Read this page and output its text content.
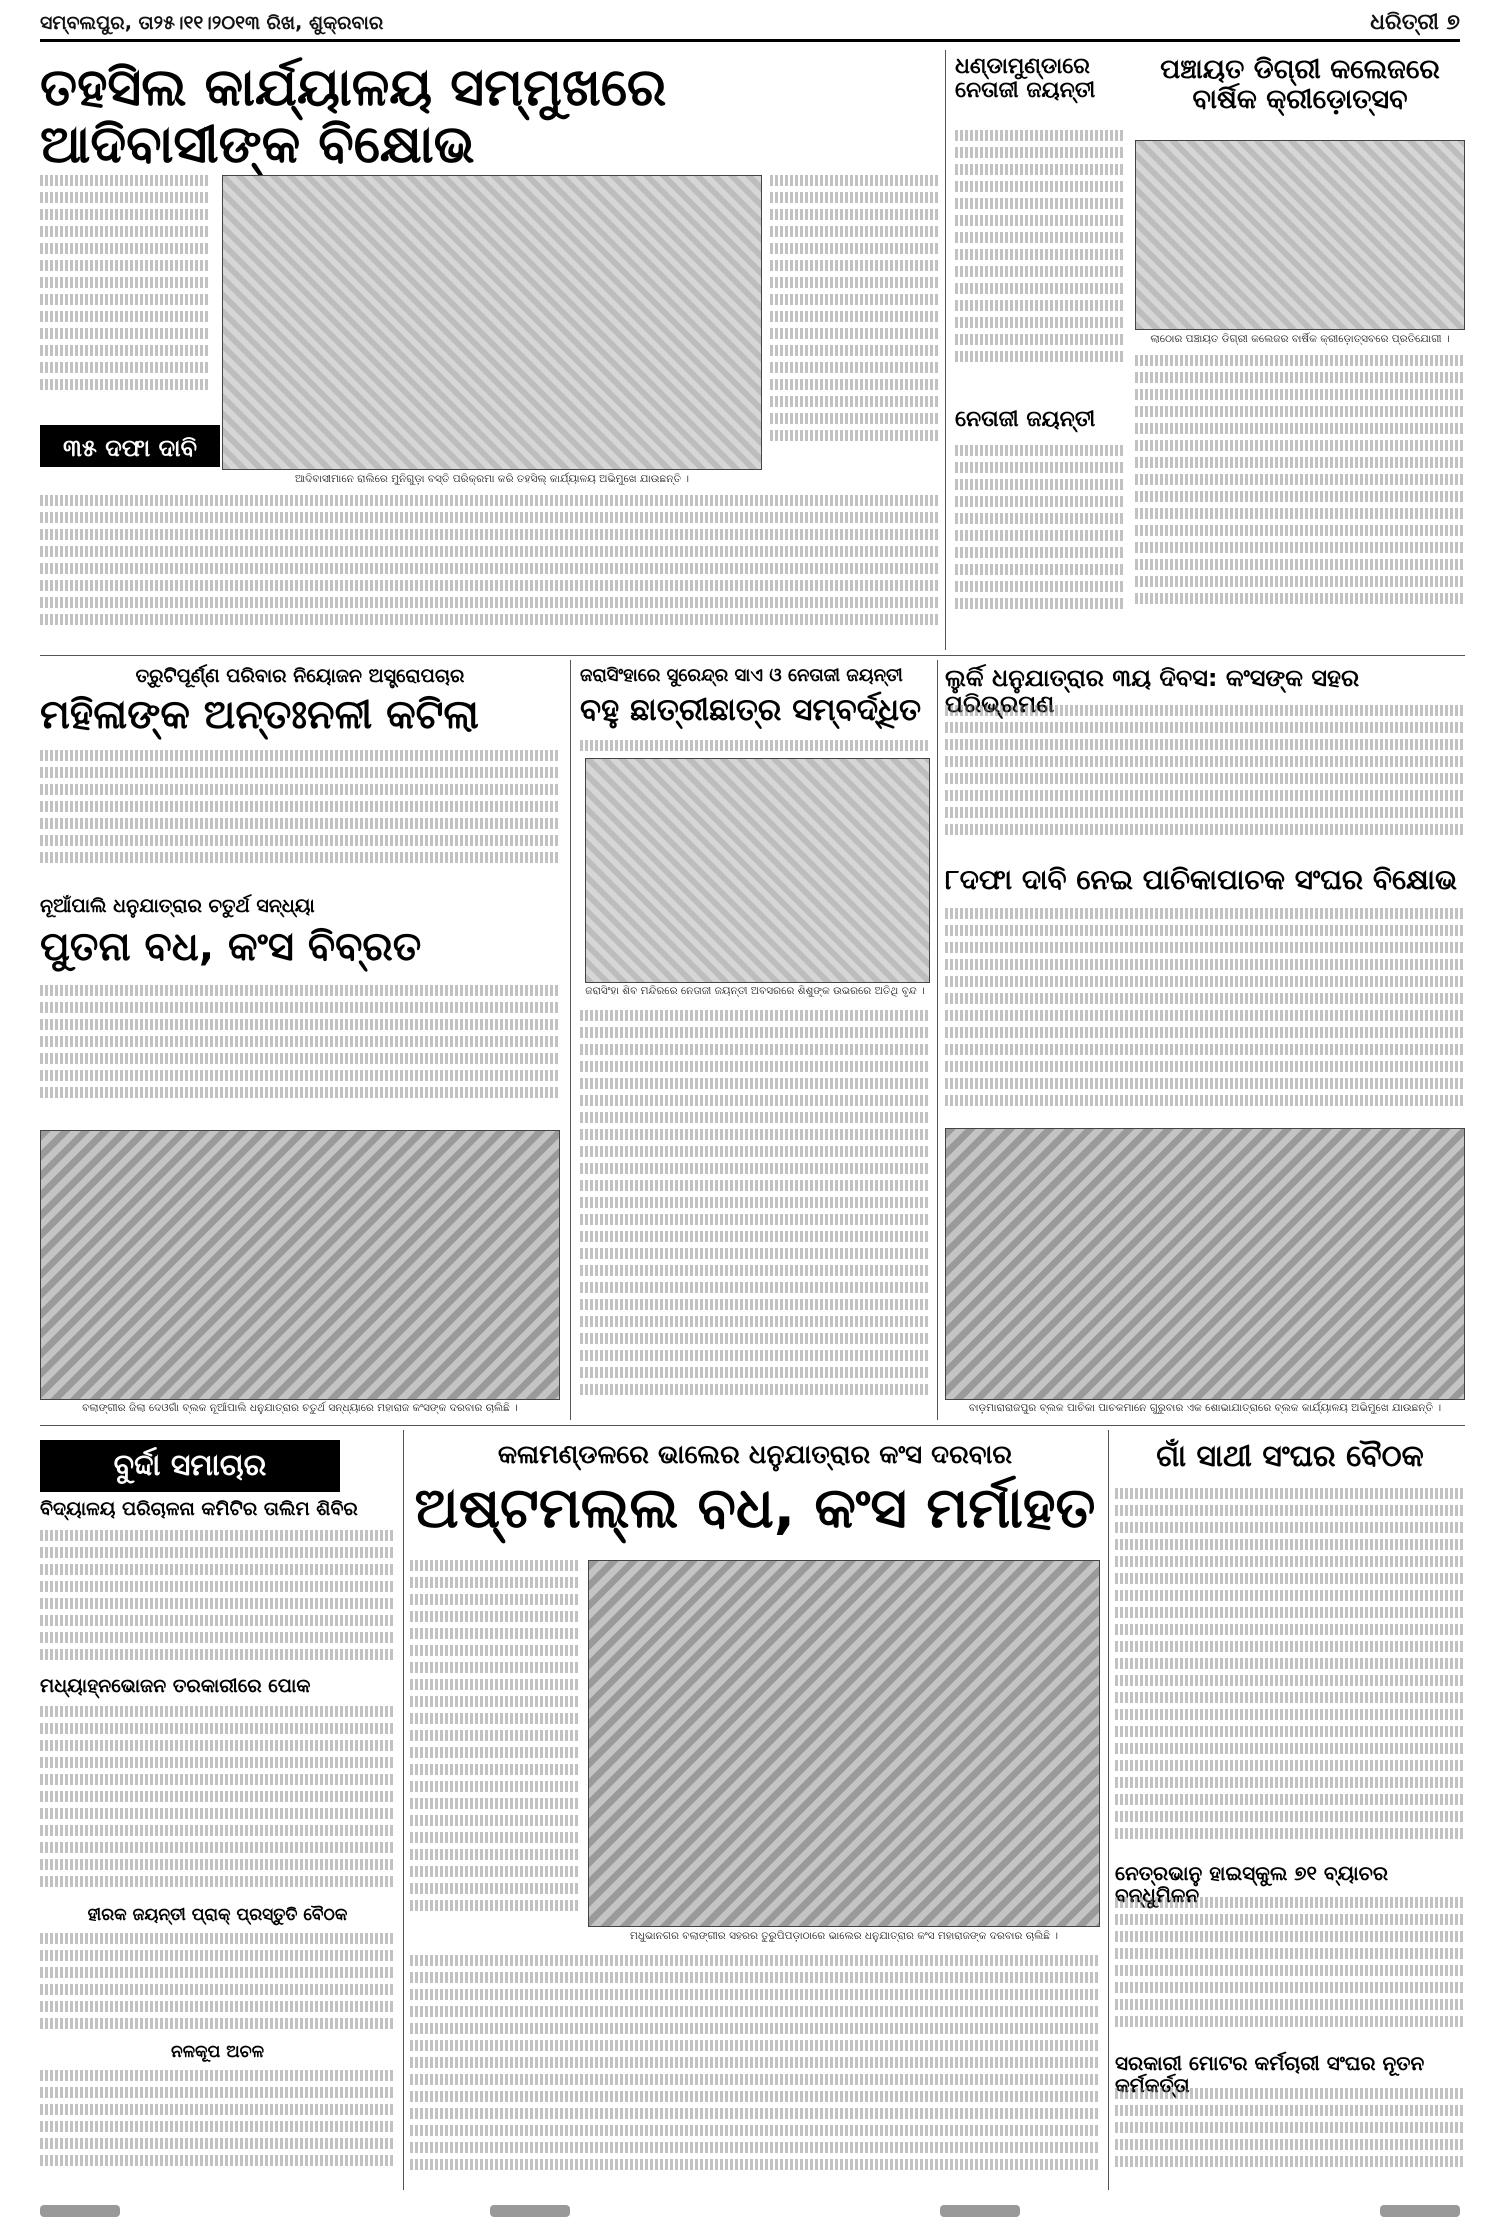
ସମ୍ବଲପୁର, ତା୨୫।୧୧।୨୦୧୩ ରିଖ, ଶୁକ୍ରବାର	ଧରିତ୍ରୀ ୭
ତହସିଲ କାର୍ଯ୍ୟାଳୟ ସମ୍ମୁଖରେ ଆଦିବାସୀଙ୍କ ବିକ୍ଷୋଭ
୩୫ ଦଫା ଦାବି
ଆଦିବାସୀମାନେ ରାଲିରେ ମୁନିଗୁଡ଼ା ବସ୍ତି ପରିକ୍ରମା କରି ତହସିଲ୍ କାର୍ଯ୍ୟାଳୟ ଅଭିମୁଖେ ଯାଉଛନ୍ତି ।
ଧଣ୍ଡାମୁଣ୍ଡାରେ ନେତାଜୀ ଜୟନ୍ତୀ
ନେତାଜୀ ଜୟନ୍ତୀ
ପଞ୍ଚାୟତ ଡିଗ୍ରୀ କଲେଜରେ ବାର୍ଷିକ କ୍ରୀଡ଼ୋତ୍ସବ
ଲାଠୋର ପଞ୍ଚାୟତ ଡିଗ୍ରୀ କଲେଜର ବାର୍ଷିକ କ୍ରୀଡ଼ୋତ୍ସବରେ ପ୍ରତିଯୋଗୀ ।
ତ୍ରୁଟିପୂର୍ଣ୍ଣ ପରିବାର ନିୟୋଜନ ଅସ୍ତ୍ରୋପଚାର
ମହିଳାଙ୍କ ଅନ୍ତଃନଳୀ କଟିଲା
ନୂଆଁପାଲି ଧନୁଯାତ୍ରାର ଚତୁର୍ଥ ସନ୍ଧ୍ୟା
ପୁତନା ବଧ, କଂସ ବିବ୍ରତ
ବଲାଙ୍ଗୀର ଜିଲା ଦେଓଗାଁ ବ୍ଲକ ନୂଆଁପାଲି ଧନୁଯାତ୍ରାର ଚତୁର୍ଥ ସନ୍ଧ୍ୟାରେ ମହାରାଜ କଂସଙ୍କ ଦରବାର ଚାଲିଛି ।
ଜରାସିଂହାରେ ସୁରେନ୍ଦ୍ର ସାଏ ଓ ନେତାଜୀ ଜୟନ୍ତୀ
ବହୁ ଛାତ୍ରୀଛାତ୍ର ସମ୍ବର୍ଦ୍ଧିତ
ଜରାସିଂହା ଶିବ ମନ୍ଦିରରେ ନେତାଜୀ ଜୟନ୍ତୀ ଅବସରରେ ଶିଶୁଙ୍କ ଉଭରରେ ଅତିଥି ବୃନ୍ଦ ।
ଲୁର୍କି ଧନୁଯାତ୍ରାର ୩ୟ ଦିବସ: କଂସଙ୍କ ସହର ପରିଭ୍ରମଣ
୮ଦଫା ଦାବି ନେଇ ପାଚିକାପାଚକ ସଂଘର ବିକ୍ଷୋଭ
ବାଡ଼ମାରାରାଜପୁର ବ୍ଲକ ପାଚିକା ପାଚକମାନେ ଗୁରୁବାର ଏକ ଶୋଭାଯାତ୍ରାରେ ବ୍ଲକ କାର୍ଯ୍ୟାଳୟ ଅଭିମୁଖେ ଯାଉଛନ୍ତି ।
ବୁର୍ଦ୍ଦା ସମାଚାର
ବିଦ୍ୟାଳୟ ପରିଚାଳନା କମିଟିର ତାଲିମ ଶିବିର
ମଧ୍ୟାହ୍ନଭୋଜନ ତରକାରୀରେ ପୋକ
ହୀରକ ଜୟନ୍ତୀ ପ୍ରାକ୍ ପ୍ରସ୍ତୁତି ବୈଠକ
ନଳକୂପ ଅଚଳ
କଳାମଣ୍ଡଳରେ ଭାଲେର ଧନୁଯାତ୍ରାର କଂସ ଦରବାର
ଅଷ୍ଟମଲ୍ଲ ବଧ, କଂସ ମର୍ମାହତ
ମଧୁଭାନଗର ବଲାଙ୍ଗୀର ସହରର ତୁରୁପିପଡ଼ାଠାରେ ଭାଲେର ଧନୁଯାତ୍ରାର କଂସ ମହାରାଜଙ୍କ ଦରବାର ଚାଲିଛି ।
ଗାଁ ସାଥୀ ସଂଘର ବୈଠକ
ନେତ୍ରଭାନୁ ହାଇସ୍କୁଲ ୭୧ ବ୍ୟାଚର ବନ୍ଧୁମିଳନ
ସରକାରୀ ମୋଟର କର୍ମଚାରୀ ସଂଘର ନୂତନ କର୍ମକର୍ତ୍ତା
